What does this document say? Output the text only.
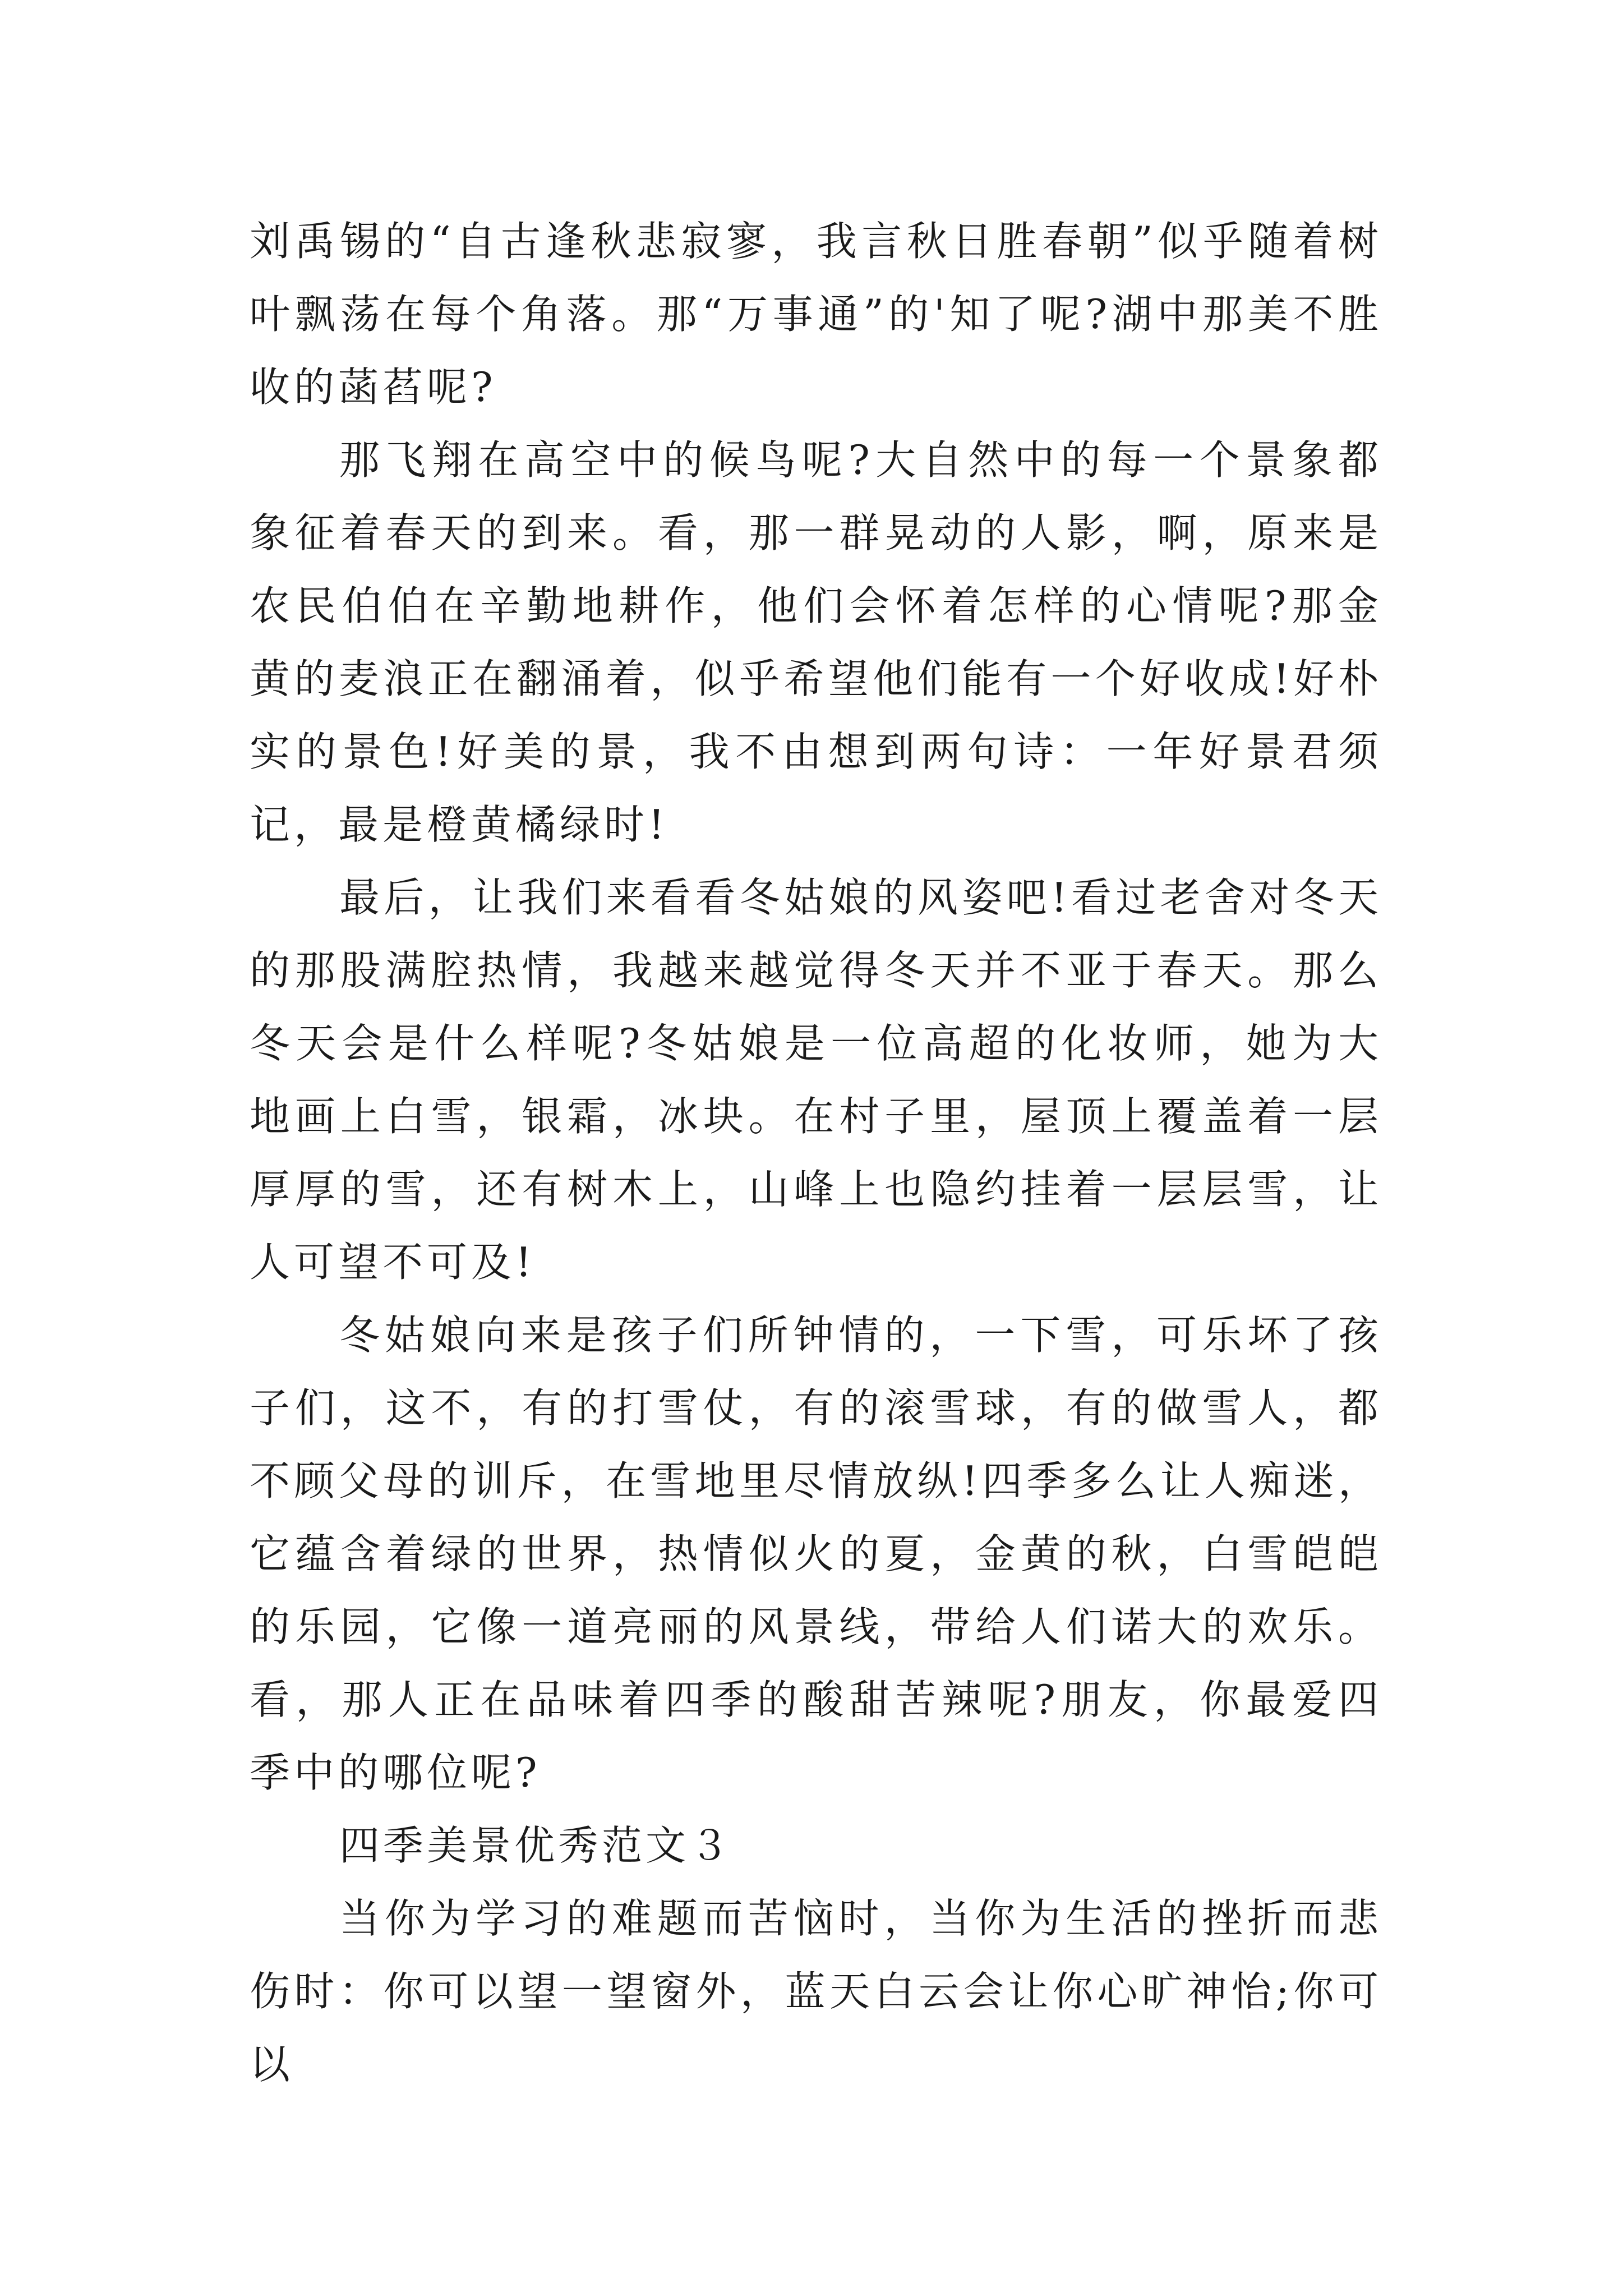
刘禹锡的“自古逢秋悲寂寥，我言秋日胜春朝”似乎随着树叶飘荡在每个角落。那“万事通”的'知了呢?湖中那美不胜收的菡萏呢?

那飞翔在高空中的候鸟呢?大自然中的每一个景象都象征着春天的到来。看，那一群晃动的人影，啊，原来是农民伯伯在辛勤地耕作，他们会怀着怎样的心情呢?那金黄的麦浪正在翻涌着，似乎希望他们能有一个好收成!好朴实的景色!好美的景，我不由想到两句诗：一年好景君须记，最是橙黄橘绿时!

最后，让我们来看看冬姑娘的风姿吧!看过老舍对冬天的那股满腔热情，我越来越觉得冬天并不亚于春天。那么冬天会是什么样呢?冬姑娘是一位高超的化妆师，她为大地画上白雪，银霜，冰块。在村子里，屋顶上覆盖着一层厚厚的雪，还有树木上，山峰上也隐约挂着一层层雪，让人可望不可及!

冬姑娘向来是孩子们所钟情的，一下雪，可乐坏了孩子们，这不，有的打雪仗，有的滚雪球，有的做雪人，都不顾父母的训斥，在雪地里尽情放纵!四季多么让人痴迷，它蕴含着绿的世界，热情似火的夏，金黄的秋，白雪皑皑的乐园，它像一道亮丽的风景线，带给人们诺大的欢乐。看，那人正在品味着四季的酸甜苦辣呢?朋友，你最爱四季中的哪位呢?

四季美景优秀范文３

当你为学习的难题而苦恼时，当你为生活的挫折而悲伤时：你可以望一望窗外，蓝天白云会让你心旷神怡;你可以
